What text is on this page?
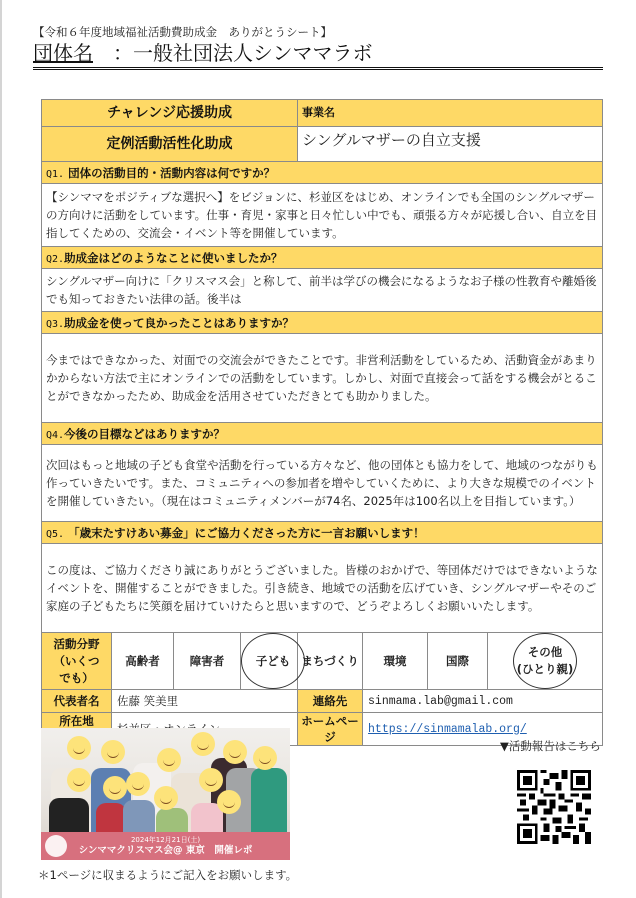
【令和６年度地域福祉活動費助成金　ありがとうシート】
団体名　：一般社団法人シンママラボ
チャレンジ応援助成				事業名			
定例活動活性化助成				シングルマザーの自立支援			
Q1. 団体の活動目的・活動内容は何ですか？							
【シンママをポジティブな選択へ】をビジョンに、杉並区をはじめ、オンラインでも全国のシングルマザーの方向けに活動をしています。仕事・育児・家事と日々忙しい中でも、頑張る方々が応援し合い、自立を目指してくための、交流会・イベント等を開催しています。							
Q2.助成金はどのようなことに使いましたか？							
シングルマザー向けに「クリスマス会」と称して、前半は学びの機会になるようなお子様の性教育や離婚後でも知っておきたい法律の話。後半は							
Q3.助成金を使って良かったことはありますか？							
今まではできなかった、対面での交流会ができたことです。非営利活動をしているため、活動資金があまりかからない方法で主にオンラインでの活動をしています。しかし、対面で直接会って話をする機会がとることができなかったため、助成金を活用させていただきとても助かりました。							
Q4.今後の目標などはありますか？							
次回はもっと地域の子ども食堂や活動を行っている方々など、他の団体とも協力をして、地域のつながりも作っていきたいです。また、コミュニティへの参加者を増やしていくために、より大きな規模でのイベントを開催していきたい。（現在はコミュニティメンバーが74名、2025年は100名以上を目指しています。）							
Q5. 「歳末たすけあい募金」にご協力くださった方に一言お願いします！							
この度は、ご協力くださり誠にありがとうございました。皆様のおかげで、等団体だけではできないようなイベントを、開催することができました。引き続き、地域での活動を広げていき、シングルマザーやそのご家庭の子どもたちに笑顔を届けていけたらと思いますので、どうぞよろしくお願いいたします。							
活動分野（いくつでも）	高齢者	障害者	子ども	まちづくり	環境	国際	その他
(ひとり親)

代表者名	佐藤 笑美里			連絡先	sinmama.lab@gmail.com		
所在地				ホームページ	https://sinmamalab.org/		
2024年12月21日(土)
シンママクリスマス会@ 東京　開催レポ
▼活動報告はこちら
＊1ページに収まるようにご記入をお願いします。
